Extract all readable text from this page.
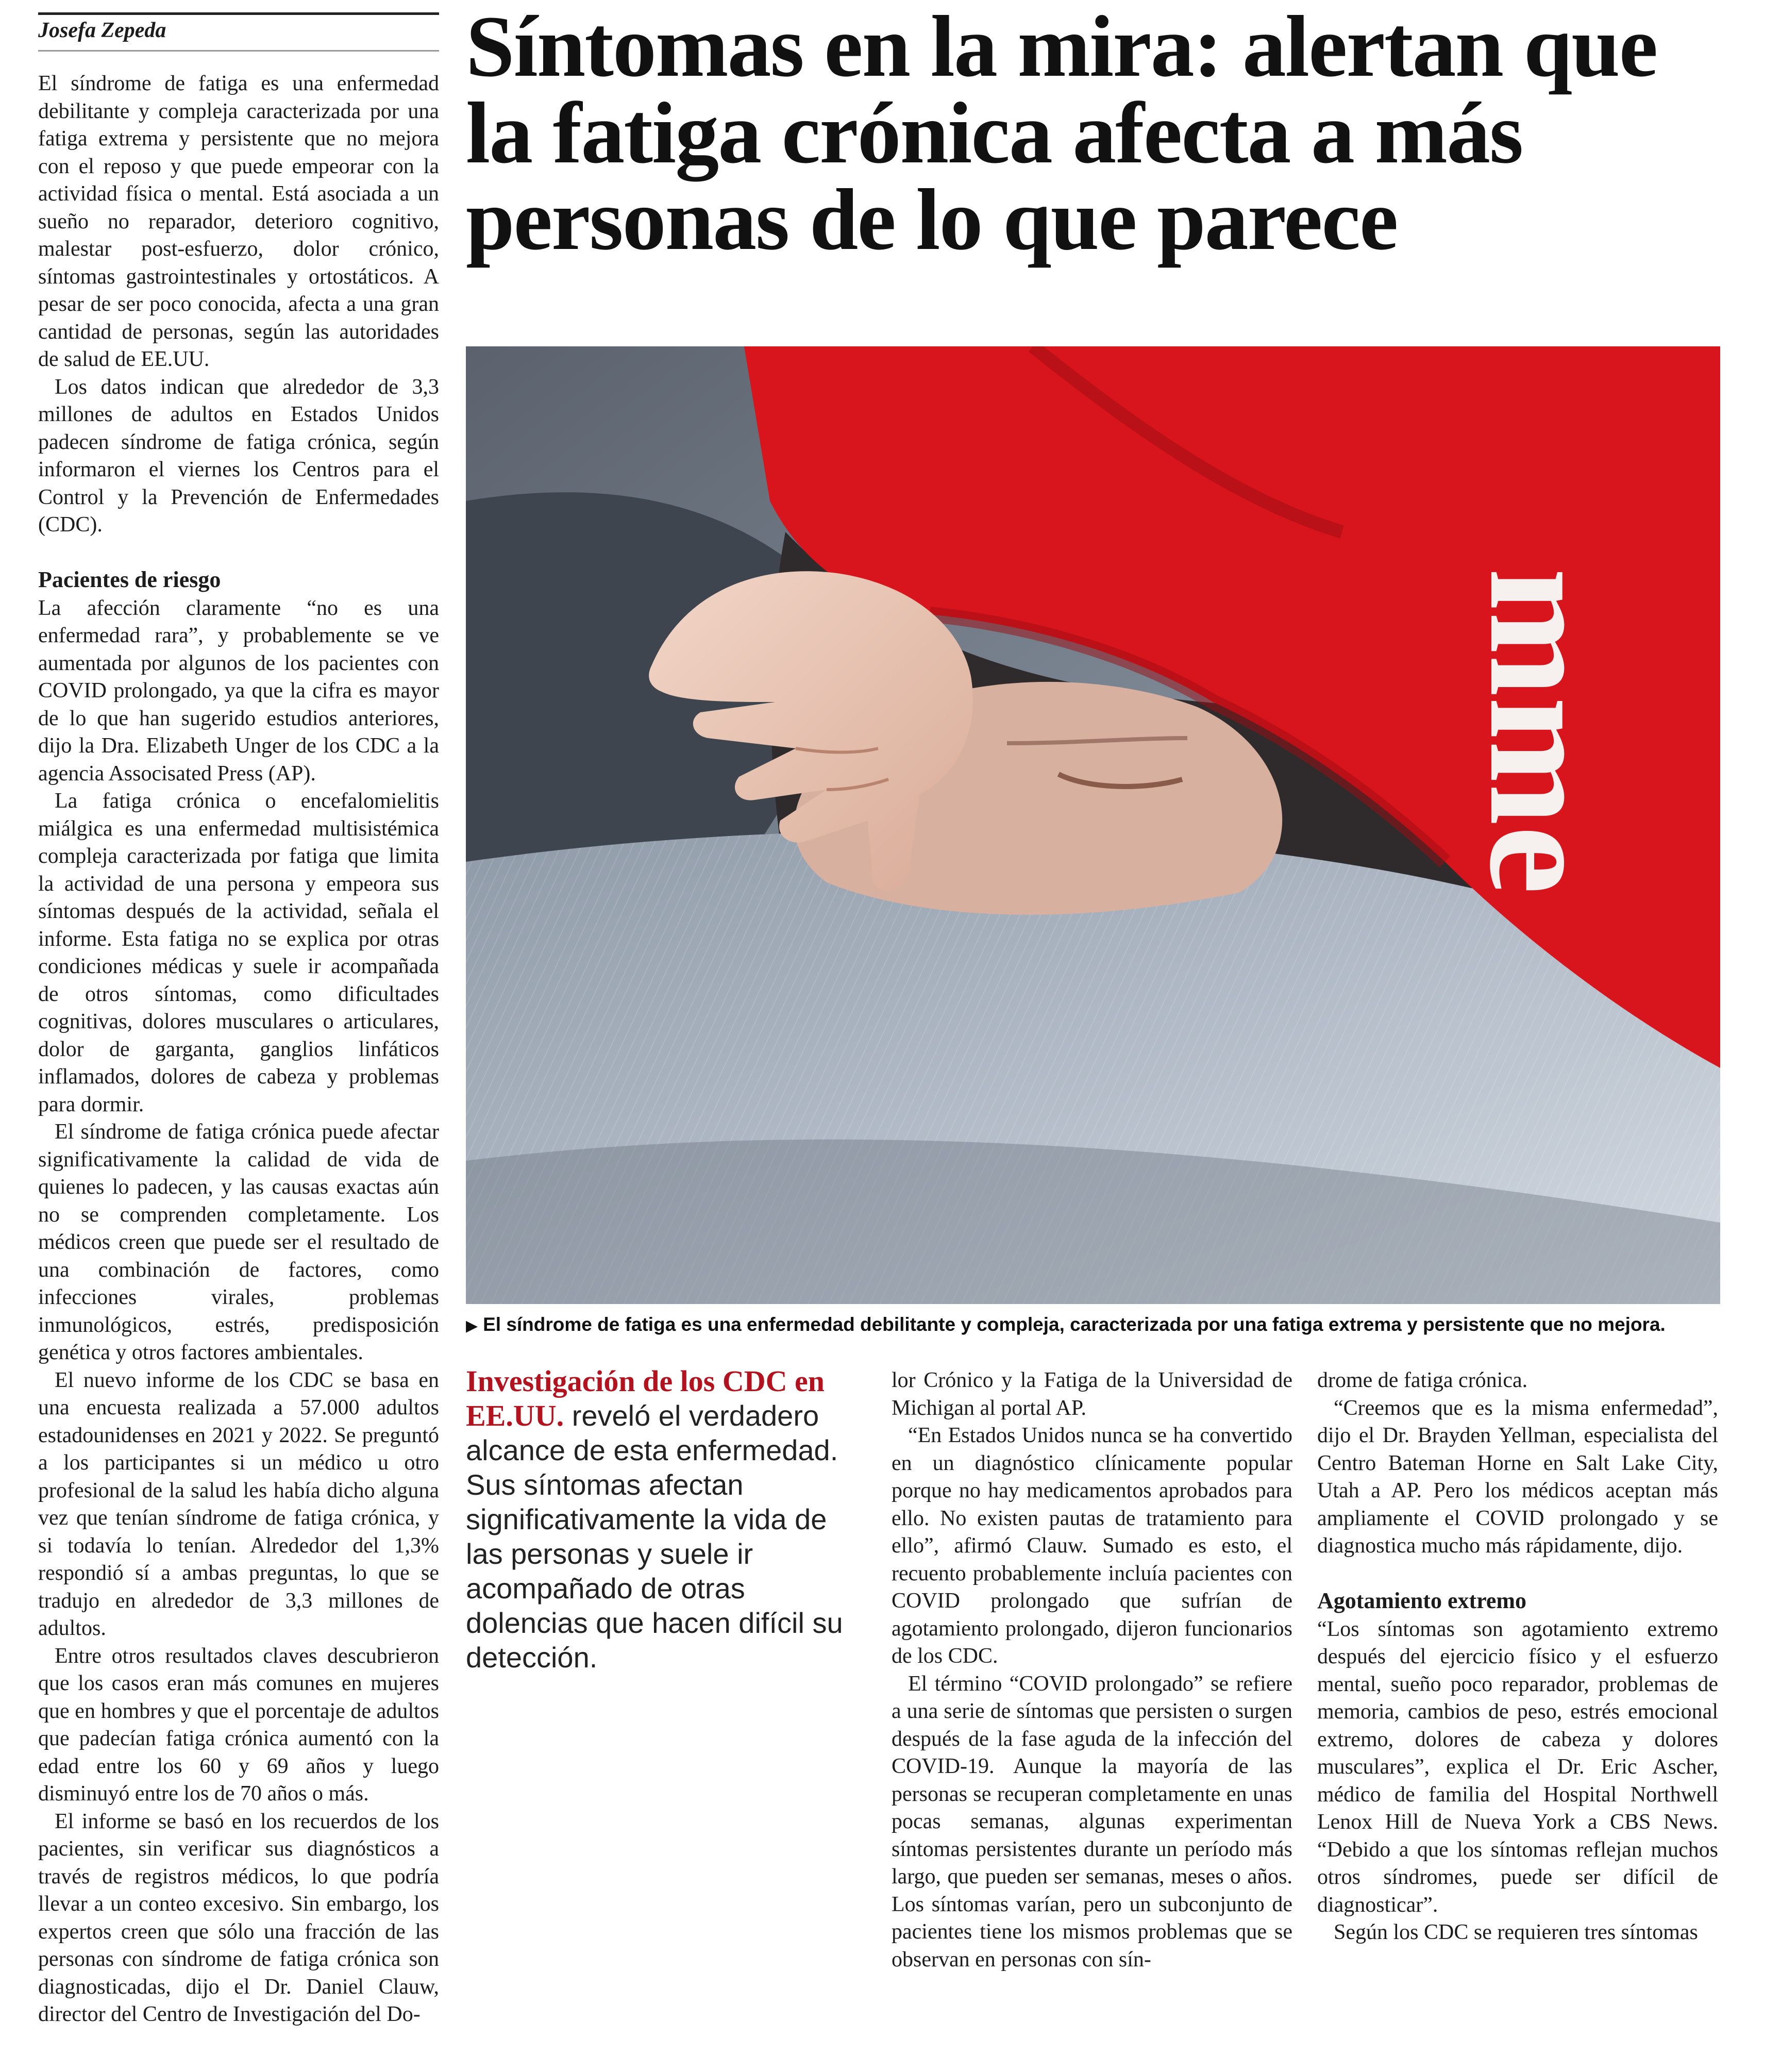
Josefa Zepeda

El síndrome de fatiga es una enfermedad debilitante y compleja caracterizada por una fatiga extrema y persistente que no mejora con el reposo y que puede empeorar con la actividad física o mental. Está asociada a un sueño no reparador, deterioro cognitivo, malestar post-esfuerzo, dolor crónico, síntomas gastrointestinales y ortostáticos. A pesar de ser poco conocida, afecta a una gran cantidad de personas, según las autoridades de salud de EE.UU.

Los datos indican que alrededor de 3,3 millones de adultos en Estados Unidos padecen síndrome de fatiga crónica, según informaron el viernes los Centros para el Control y la Prevención de Enfermedades (CDC).

Pacientes de riesgo

La afección claramente “no es una enfermedad rara”, y probablemente se ve aumentada por algunos de los pacientes con COVID prolongado, ya que la cifra es mayor de lo que han sugerido estudios anteriores, dijo la Dra. Elizabeth Unger de los CDC a la agencia Associsated Press (AP).

La fatiga crónica o encefalomielitis miálgica es una enfermedad multisistémica compleja caracterizada por fatiga que limita la actividad de una persona y empeora sus síntomas después de la actividad, señala el informe. Esta fatiga no se explica por otras condiciones médicas y suele ir acompañada de otros síntomas, como dificultades cognitivas, dolores musculares o articulares, dolor de garganta, ganglios linfáticos inflamados, dolores de cabeza y problemas para dormir.

El síndrome de fatiga crónica puede afectar significativamente la calidad de vida de quienes lo padecen, y las causas exactas aún no se comprenden completamente. Los médicos creen que puede ser el resultado de una combinación de factores, como infecciones virales, problemas inmunológicos, estrés, predisposición genética y otros factores ambientales.

El nuevo informe de los CDC se basa en una encuesta realizada a 57.000 adultos estadounidenses en 2021 y 2022. Se preguntó a los participantes si un médico u otro profesional de la salud les había dicho alguna vez que tenían síndrome de fatiga crónica, y si todavía lo tenían. Alrededor del 1,3% respondió sí a ambas preguntas, lo que se tradujo en alrededor de 3,3 millones de adultos.

Entre otros resultados claves descubrieron que los casos eran más comunes en mujeres que en hombres y que el porcentaje de adultos que padecían fatiga crónica aumentó con la edad entre los 60 y 69 años y luego disminuyó entre los de 70 años o más.

El informe se basó en los recuerdos de los pacientes, sin verificar sus diagnósticos a través de registros médicos, lo que podría llevar a un conteo excesivo. Sin embargo, los expertos creen que sólo una fracción de las personas con síndrome de fatiga crónica son diagnosticadas, dijo el Dr. Daniel Clauw, director del Centro de Investigación del Do-

Síntomas en la mira: alertan que la fatiga crónica afecta a más personas de lo que parece
mme
▶ El síndrome de fatiga es una enfermedad debilitante y compleja, caracterizada por una fatiga extrema y persistente que no mejora.
Investigación de los CDC en EE.UU. reveló el verdadero alcance de esta enfermedad. Sus síntomas afectan significativamente la vida de las personas y suele ir acompañado de otras dolencias que hacen difícil su detección.

lor Crónico y la Fatiga de la Universidad de Michigan al portal AP.

“En Estados Unidos nunca se ha convertido en un diagnóstico clínicamente popular porque no hay medicamentos aprobados para ello. No existen pautas de tratamiento para ello”, afirmó Clauw. Sumado es esto, el recuento probablemente incluía pacientes con COVID prolongado que sufrían de agotamiento prolongado, dijeron funcionarios de los CDC.

El término “COVID prolongado” se refiere a una serie de síntomas que persisten o surgen después de la fase aguda de la infección del COVID-19. Aunque la mayoría de las personas se recuperan completamente en unas pocas semanas, algunas experimentan síntomas persistentes durante un período más largo, que pueden ser semanas, meses o años. Los síntomas varían, pero un subconjunto de pacientes tiene los mismos problemas que se observan en personas con sín-

drome de fatiga crónica.

“Creemos que es la misma enfermedad”, dijo el Dr. Brayden Yellman, especialista del Centro Bateman Horne en Salt Lake City, Utah a AP. Pero los médicos aceptan más ampliamente el COVID prolongado y se diagnostica mucho más rápidamente, dijo.

Agotamiento extremo

“Los síntomas son agotamiento extremo después del ejercicio físico y el esfuerzo mental, sueño poco reparador, problemas de memoria, cambios de peso, estrés emocional extremo, dolores de cabeza y dolores musculares”, explica el Dr. Eric Ascher, médico de familia del Hospital Northwell Lenox Hill de Nueva York a CBS News. “Debido a que los síntomas reflejan muchos otros síndromes, puede ser difícil de diagnosticar”.

Según los CDC se requieren tres síntomas
